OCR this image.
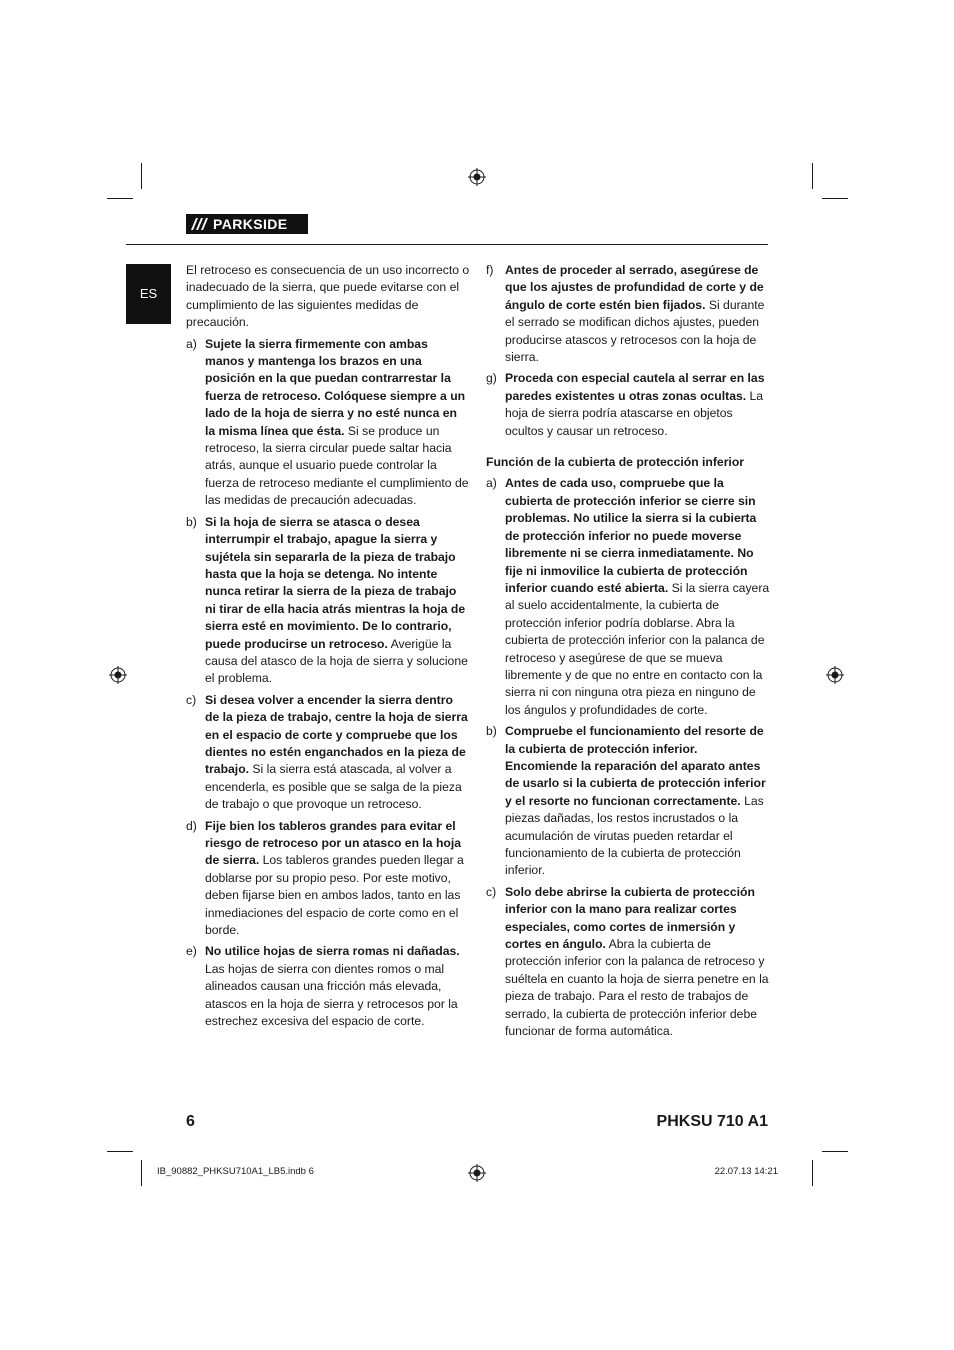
PARKSIDE
ES

El retroceso es consecuencia de un uso incorrecto o inadecuado de la sierra, que puede evitarse con el cumplimiento de las siguientes medidas de precaución.

a) Sujete la sierra firmemente con ambas manos y mantenga los brazos en una posición en la que puedan contrarrestar la fuerza de retroceso. Colóquese siempre a un lado de la hoja de sierra y no esté nunca en la misma línea que ésta. Si se produce un retroceso, la sierra circular puede saltar hacia atrás, aunque el usuario puede controlar la fuerza de retroceso mediante el cumplimiento de las medidas de precaución adecuadas.
b) Si la hoja de sierra se atasca o desea interrumpir el trabajo, apague la sierra y sujétela sin separarla de la pieza de trabajo hasta que la hoja se detenga. No intente nunca retirar la sierra de la pieza de trabajo ni tirar de ella hacia atrás mientras la hoja de sierra esté en movimiento. De lo contrario, puede producirse un retroceso. Averigüe la causa del atasco de la hoja de sierra y solucione el problema.
c) Si desea volver a encender la sierra dentro de la pieza de trabajo, centre la hoja de sierra en el espacio de corte y compruebe que los dientes no estén enganchados en la pieza de trabajo. Si la sierra está atascada, al volver a encenderla, es posible que se salga de la pieza de trabajo o que provoque un retroceso.
d) Fije bien los tableros grandes para evitar el riesgo de retroceso por un atasco en la hoja de sierra. Los tableros grandes pueden llegar a doblarse por su propio peso. Por este motivo, deben fijarse bien en ambos lados, tanto en las inmediaciones del espacio de corte como en el borde.
e) No utilice hojas de sierra romas ni dañadas. Las hojas de sierra con dientes romos o mal alineados causan una fricción más elevada, atascos en la hoja de sierra y retrocesos por la estrechez excesiva del espacio de corte.
f) Antes de proceder al serrado, asegúrese de que los ajustes de profundidad de corte y de ángulo de corte estén bien fijados. Si durante el serrado se modifican dichos ajustes, pueden producirse atascos y retrocesos con la hoja de sierra.
g) Proceda con especial cautela al serrar en las paredes existentes u otras zonas ocultas. La hoja de sierra podría atascarse en objetos ocultos y causar un retroceso.
Función de la cubierta de protección inferior
a) Antes de cada uso, compruebe que la cubierta de protección inferior se cierre sin problemas. No utilice la sierra si la cubierta de protección inferior no puede moverse libremente ni se cierra inmediatamente. No fije ni inmovilice la cubierta de protección inferior cuando esté abierta. Si la sierra cayera al suelo accidentalmente, la cubierta de protección inferior podría doblarse. Abra la cubierta de protección inferior con la palanca de retroceso y asegúrese de que se mueva libremente y de que no entre en contacto con la sierra ni con ninguna otra pieza en ninguno de los ángulos y profundidades de corte.
b) Compruebe el funcionamiento del resorte de la cubierta de protección inferior. Encomiende la reparación del aparato antes de usarlo si la cubierta de protección inferior y el resorte no funcionan correctamente. Las piezas dañadas, los restos incrustados o la acumulación de virutas pueden retardar el funcionamiento de la cubierta de protección inferior.
c) Solo debe abrirse la cubierta de protección inferior con la mano para realizar cortes especiales, como cortes de inmersión y cortes en ángulo. Abra la cubierta de protección inferior con la palanca de retroceso y suéltela en cuanto la hoja de sierra penetre en la pieza de trabajo. Para el resto de trabajos de serrado, la cubierta de protección inferior debe funcionar de forma automática.
6	PHKSU 710 A1
IB_90882_PHKSU710A1_LB5.indb 6	22.07.13 14:21
